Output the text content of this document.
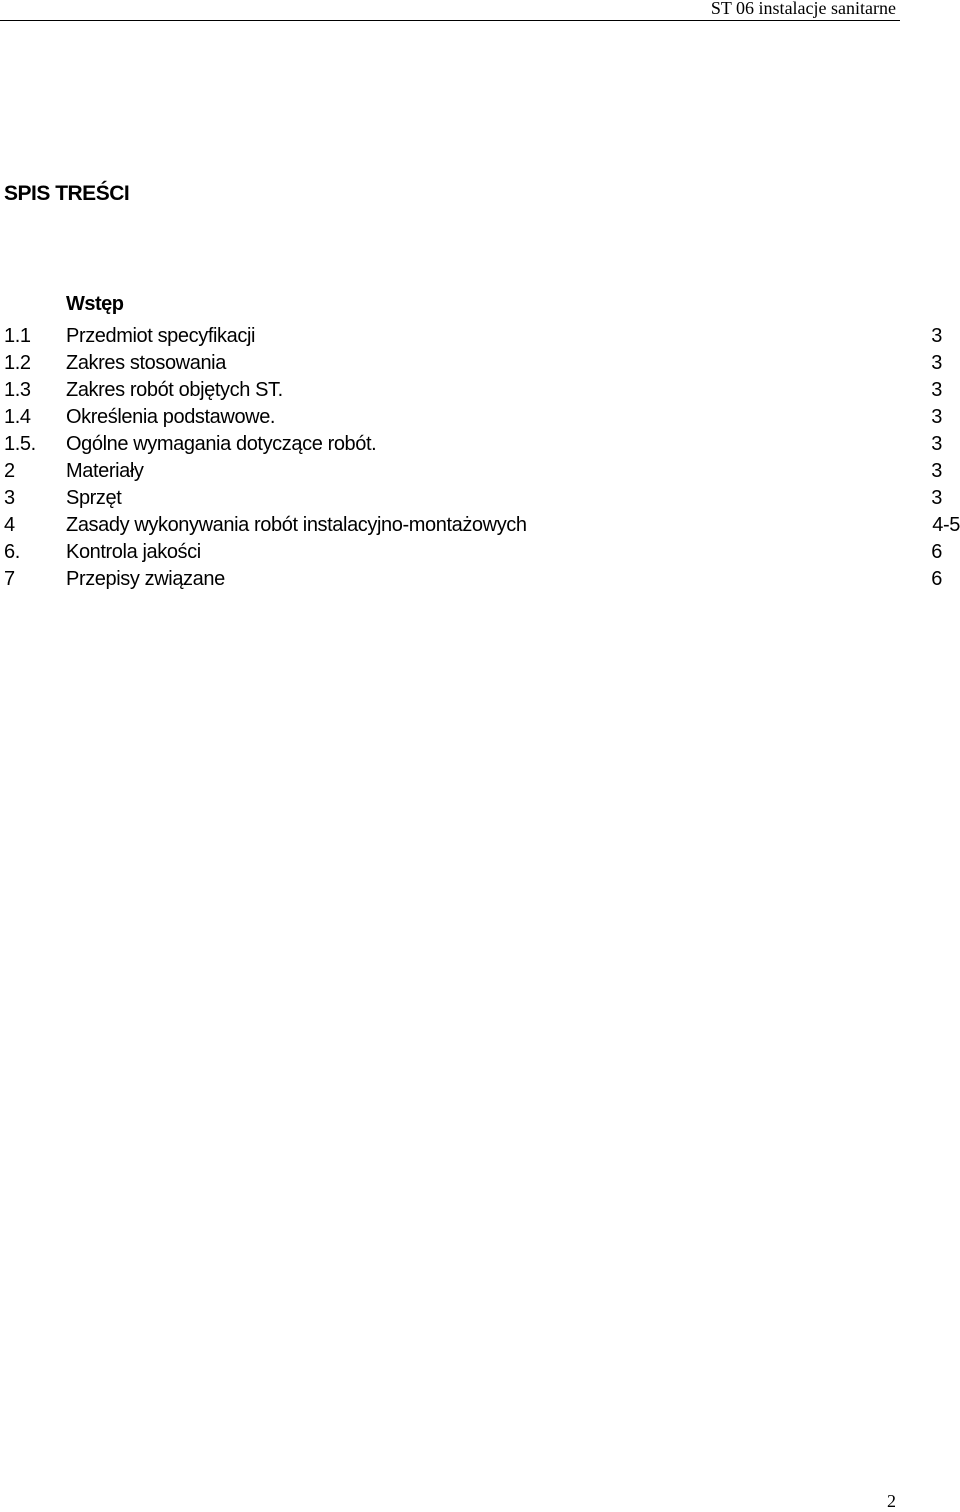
ST 06 instalacje sanitarne
SPIS TREŚCI
Wstęp
1.1 Przedmiot specyfikacji	3
1.2 Zakres stosowania	3
1.3 Zakres robót objętych ST.	3
1.4 Określenia podstawowe.	3
1.5. Ogólne wymagania dotyczące robót.	3
2	Materiały	3
3	Sprzęt	3
4	Zasady wykonywania robót instalacyjno-montażowych	4-5
6. Kontrola jakości	6
7	Przepisy związane	6
2
